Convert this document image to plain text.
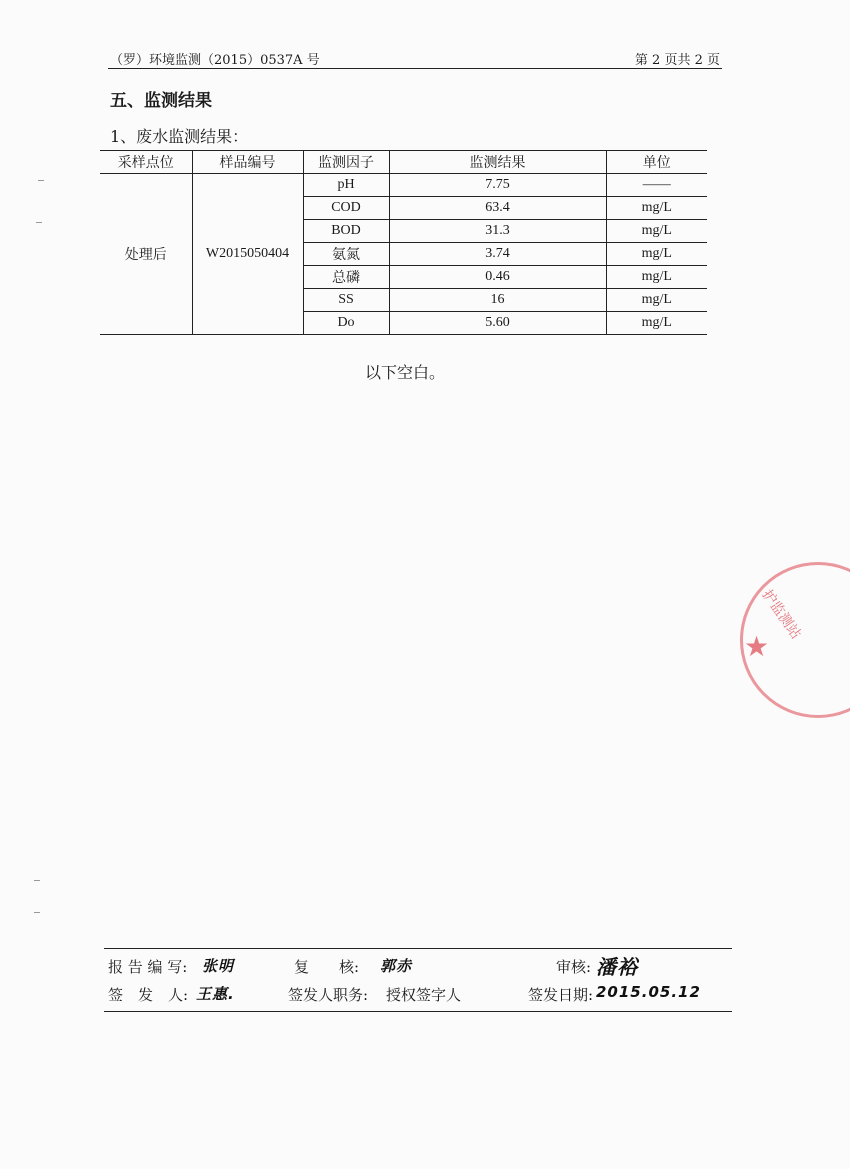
（罗）环境监测（2015）0537A 号	第 2 页共 2 页
五、监测结果
1、废水监测结果：
采样点位	样品编号	监测因子	监测结果	单位
处理后	W2015050404	pH	7.75	——
		COD	63.4	mg/L
		BOD	31.3	mg/L
		氨氮	3.74	mg/L
		总磷	0.46	mg/L
		SS	16	mg/L
		Do	5.60	mg/L
以下空白。
护监测站
★
报 告 编 写: 张明	复　　核: 郭赤	审核: 潘裕
签　发　人: 王惠.	签发人职务: 授权签字人	签发日期: 2015.05.12
